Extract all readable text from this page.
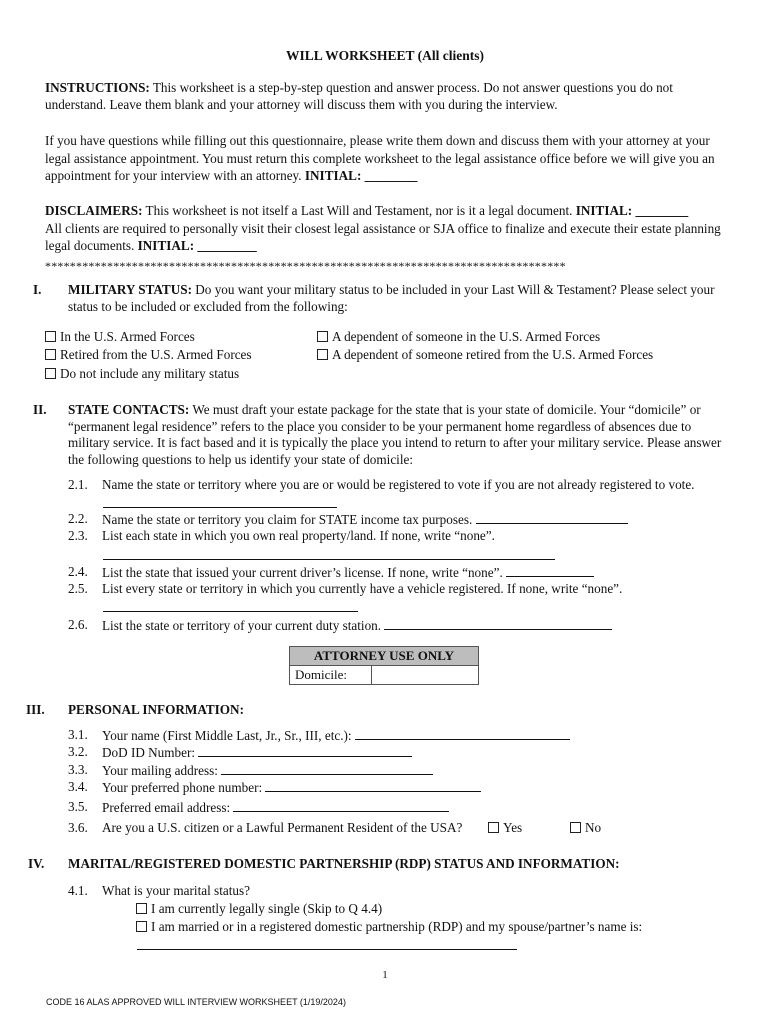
WILL WORKSHEET (All clients)
INSTRUCTIONS: This worksheet is a step-by-step question and answer process. Do not answer questions you do not understand. Leave them blank and your attorney will discuss them with you during the interview.
If you have questions while filling out this questionnaire, please write them down and discuss them with your attorney at your legal assistance appointment. You must return this complete worksheet to the legal assistance office before we will give you an appointment for your interview with an attorney. INITIAL: ________
DISCLAIMERS: This worksheet is not itself a Last Will and Testament, nor is it a legal document. INITIAL: ________
All clients are required to personally visit their closest legal assistance or SJA office to finalize and execute their estate planning legal documents. INITIAL: _________
************************************************************************************
I. MILITARY STATUS: Do you want your military status to be included in your Last Will & Testament? Please select your status to be included or excluded from the following:
In the U.S. Armed Forces	A dependent of someone in the U.S. Armed Forces
Retired from the U.S. Armed Forces	A dependent of someone retired from the U.S. Armed Forces
Do not include any military status
II. STATE CONTACTS: We must draft your estate package for the state that is your state of domicile. Your “domicile” or “permanent legal residence” refers to the place you consider to be your permanent home regardless of absences due to military service. It is fact based and it is typically the place you intend to return to after your military service. Please answer the following questions to help us identify your state of domicile:
2.1. Name the state or territory where you are or would be registered to vote if you are not already registered to vote.
2.2. Name the state or territory you claim for STATE income tax purposes.
2.3. List each state in which you own real property/land. If none, write “none”.
2.4. List the state that issued your current driver’s license. If none, write “none”.
2.5. List every state or territory in which you currently have a vehicle registered. If none, write “none”.
2.6. List the state or territory of your current duty station.
ATTORNEY USE ONLY
Domicile:
III. PERSONAL INFORMATION:
3.1. Your name (First Middle Last, Jr., Sr., III, etc.):
3.2. DoD ID Number:
3.3. Your mailing address:
3.4. Your preferred phone number:
3.5. Preferred email address:
3.6. Are you a U.S. citizen or a Lawful Permanent Resident of the USA?	Yes	No
IV. MARITAL/REGISTERED DOMESTIC PARTNERSHIP (RDP) STATUS AND INFORMATION:
4.1. What is your marital status?
I am currently legally single (Skip to Q 4.4)
I am married or in a registered domestic partnership (RDP) and my spouse/partner’s name is:
1
CODE 16 ALAS APPROVED WILL INTERVIEW WORKSHEET (1/19/2024)
